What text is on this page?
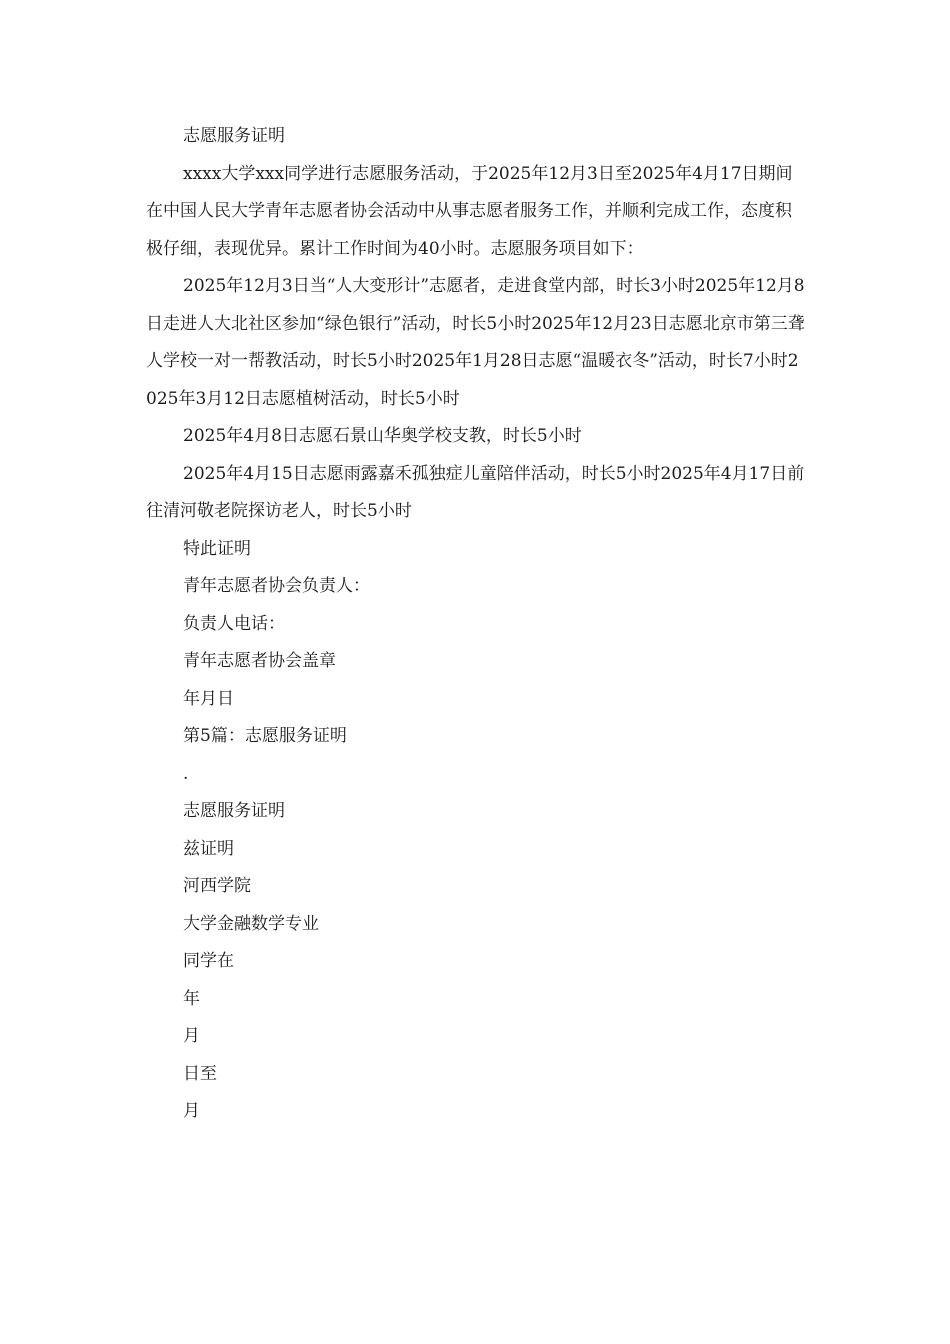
志愿服务证明

xxxx大学xxx同学进行志愿服务活动，于2025年12月3日至2025年4月17日期间在中国人民大学青年志愿者协会活动中从事志愿者服务工作，并顺利完成工作，态度积极仔细，表现优异。累计工作时间为40小时。志愿服务项目如下：

2025年12月3日当“人大变形计”志愿者，走进食堂内部，时长3小时2025年12月8日走进人大北社区参加“绿色银行”活动，时长5小时2025年12月23日志愿北京市第三聋人学校一对一帮教活动，时长5小时2025年1月28日志愿“温暖衣冬”活动，时长7小时2025年3月12日志愿植树活动，时长5小时

2025年4月8日志愿石景山华奥学校支教，时长5小时

2025年4月15日志愿雨露嘉禾孤独症儿童陪伴活动，时长5小时2025年4月17日前往清河敬老院探访老人，时长5小时

特此证明

青年志愿者协会负责人：

负责人电话：

青年志愿者协会盖章

年月日

第5篇：志愿服务证明

.

志愿服务证明

兹证明

河西学院

大学金融数学专业

同学在

年

月

日至

月
